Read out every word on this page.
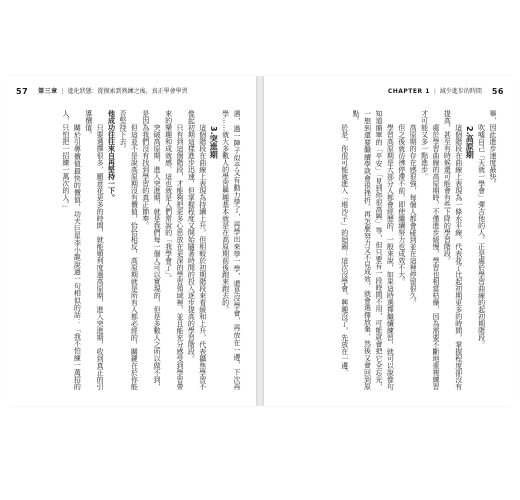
57
第三章 | 進化狀態：從摸索到熟練之後，真正學會學習

遇，過一陣子似乎又有動力學了，再學出來學一學，還是沒學會，再放在一邊，下次再學……就大多數人的學習興趣基本就是在高原期前後跑來跑去的。

3.突進期

這個階段在曲線上表現為持續上升，但相較於初期階段來看緩和上升，代表攝焦學習不像起初期這樣進步迅速，但掌握程度又開始隨著時間的投入逐步提高的學習階段。

只有到這個階段，才能夠把更多心思放在更深的學習領域裡，並且能充分感受到學習帶來的樂趣和成就感，這也就是人們常說的「我學會了」。

突破高原期，進入突進期，就是我們每一個人可以實現的，但是多數人之所以做不到，是因為我們沒有找到學習的真正節奏。

但這並不是說高原期沒有價值，恰恰相反，高原期就是所有人都必經的，關鍵在於你能否堅持下去。

他成功往往來自再堅持一下。

只要選擇很多，願意花更多的時間，就能順利度過高原期，進入突進期，收到真正的引導價值。

關於引導價值最快的價值，功夫巨星李小龍說過一句相似的話：「我不怕練一萬招的人，只怕把一招練一萬次的人。」

CHAPTER 1 | 減少進步的時間
56

畢，因此進步速度最快。

吹噓自己「天就一學會」彈吉他的人，正是處於學習曲線的起初期階段。

2.高原期

這個階段在曲線上表現為一條水平線，代表花了比起初期更多的時間，掌握程度卻沒有提高，甚至有時候還可能會有些下降的學習階段。

處於學習曲線的高原期時，不僅進步緩慢，學習也相當枯燥，因為需要不斷地重複練習才可能又多一點進步。

高原期的存在感很強，每個人都會碰到並在這裡停留很久。

但之後就彷彿停滯不前，即使繼續努力也成效不大。

學習高原期是大部分人都會經歷的，一般來說，如果這時選擇繼續練習，就可以說像句知道簡單的「平安」「見到你很高興」等，但只要有一段時間不用，可能就會把它全忘光，一想到還要繼續學就會很挫折。再怎麼努力又不見成效，就會選擇放棄，然後又會回到原點。

於是，你很可能就進入「堆沙子」的迴圈：這次沒學會，興趣沒了，先放在一邊。
